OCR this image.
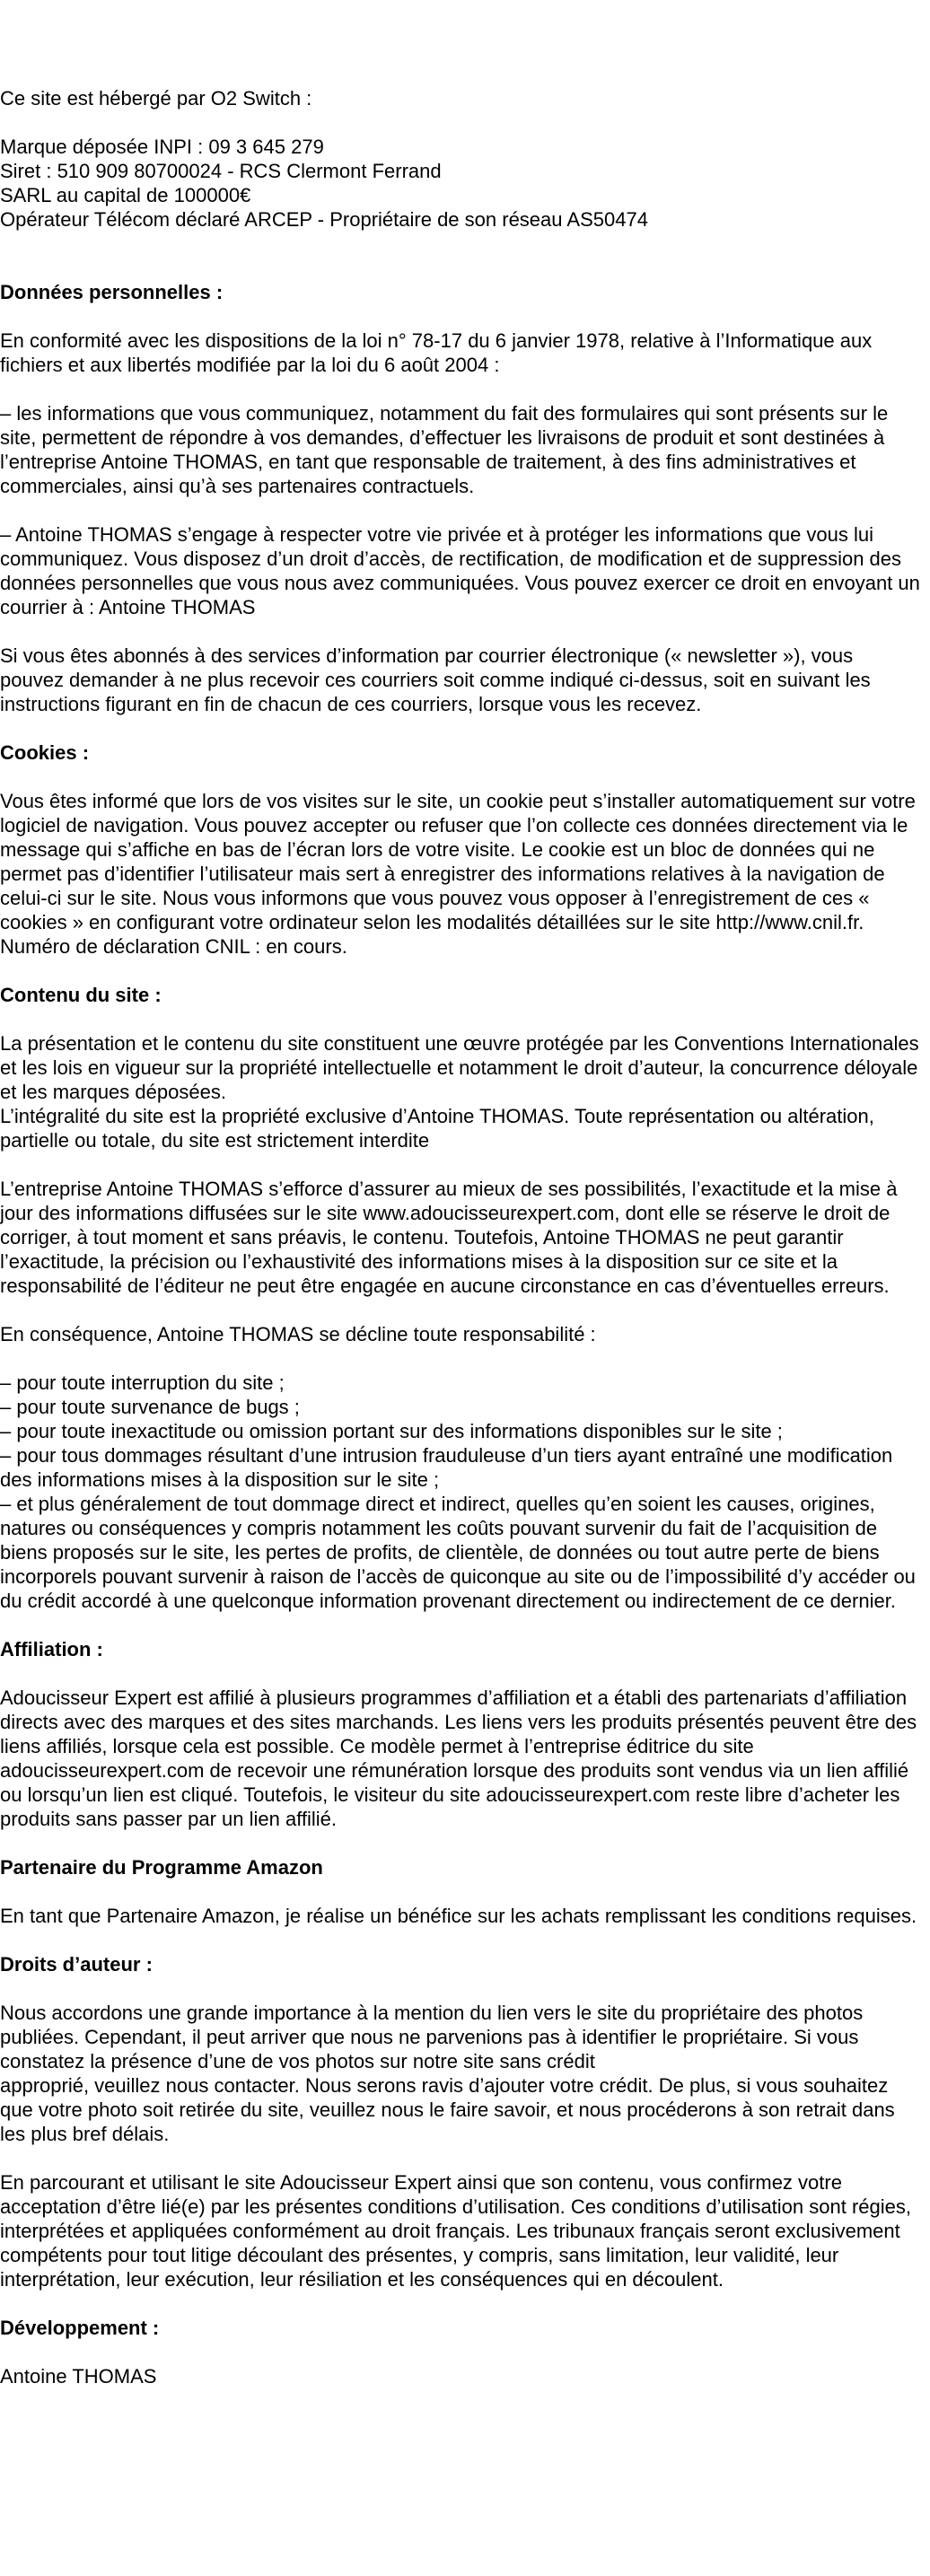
Ce site est hébergé par O2 Switch :

Marque déposée INPI : 09 3 645 279
Siret : 510 909 80700024 - RCS Clermont Ferrand
SARL au capital de 100000€
Opérateur Télécom déclaré ARCEP - Propriétaire de son réseau AS50474

Données personnelles :

En conformité avec les dispositions de la loi n° 78-17 du 6 janvier 1978, relative à l’Informatique aux fichiers et aux libertés modifiée par la loi du 6 août 2004 :

– les informations que vous communiquez, notamment du fait des formulaires qui sont présents sur le site, permettent de répondre à vos demandes, d’effectuer les livraisons de produit et sont destinées à l’entreprise Antoine THOMAS, en tant que responsable de traitement, à des fins administratives et commerciales, ainsi qu’à ses partenaires contractuels.

– Antoine THOMAS s’engage à respecter votre vie privée et à protéger les informations que vous lui communiquez. Vous disposez d’un droit d’accès, de rectification, de modification et de suppression des données personnelles que vous nous avez communiquées. Vous pouvez exercer ce droit en envoyant un courrier à : Antoine THOMAS

Si vous êtes abonnés à des services d’information par courrier électronique (« newsletter »), vous pouvez demander à ne plus recevoir ces courriers soit comme indiqué ci-dessus, soit en suivant les instructions figurant en fin de chacun de ces courriers, lorsque vous les recevez.

Cookies :

Vous êtes informé que lors de vos visites sur le site, un cookie peut s’installer automatiquement sur votre logiciel de navigation. Vous pouvez accepter ou refuser que l’on collecte ces données directement via le message qui s’affiche en bas de l’écran lors de votre visite. Le cookie est un bloc de données qui ne permet pas d’identifier l’utilisateur mais sert à enregistrer des informations relatives à la navigation de celui-ci sur le site. Nous vous informons que vous pouvez vous opposer à l’enregistrement de ces « cookies » en configurant votre ordinateur selon les modalités détaillées sur le site http://www.cnil.fr. Numéro de déclaration CNIL : en cours.

Contenu du site :

La présentation et le contenu du site constituent une œuvre protégée par les Conventions Internationales et les lois en vigueur sur la propriété intellectuelle et notamment le droit d’auteur, la concurrence déloyale et les marques déposées.
L’intégralité du site est la propriété exclusive d’Antoine THOMAS. Toute représentation ou altération, partielle ou totale, du site est strictement interdite

L’entreprise Antoine THOMAS s’efforce d’assurer au mieux de ses possibilités, l’exactitude et la mise à jour des informations diffusées sur le site www.adoucisseurexpert.com, dont elle se réserve le droit de corriger, à tout moment et sans préavis, le contenu. Toutefois, Antoine THOMAS ne peut garantir l’exactitude, la précision ou l’exhaustivité des informations mises à la disposition sur ce site et la responsabilité de l’éditeur ne peut être engagée en aucune circonstance en cas d’éventuelles erreurs.

En conséquence, Antoine THOMAS se décline toute responsabilité :

– pour toute interruption du site ;
– pour toute survenance de bugs ;
– pour toute inexactitude ou omission portant sur des informations disponibles sur le site ;
– pour tous dommages résultant d’une intrusion frauduleuse d’un tiers ayant entraîné une modification des informations mises à la disposition sur le site ;
– et plus généralement de tout dommage direct et indirect, quelles qu’en soient les causes, origines, natures ou conséquences y compris notamment les coûts pouvant survenir du fait de l’acquisition de biens proposés sur le site, les pertes de profits, de clientèle, de données ou tout autre perte de biens incorporels pouvant survenir à raison de l’accès de quiconque au site ou de l’impossibilité d’y accéder ou du crédit accordé à une quelconque information provenant directement ou indirectement de ce dernier.

Affiliation :

Adoucisseur Expert est affilié à plusieurs programmes d’affiliation et a établi des partenariats d’affiliation directs avec des marques et des sites marchands. Les liens vers les produits présentés peuvent être des liens affiliés, lorsque cela est possible. Ce modèle permet à l’entreprise éditrice du site adoucisseurexpert.com de recevoir une rémunération lorsque des produits sont vendus via un lien affilié ou lorsqu’un lien est cliqué. Toutefois, le visiteur du site adoucisseurexpert.com reste libre d’acheter les produits sans passer par un lien affilié.

Partenaire du Programme Amazon

En tant que Partenaire Amazon, je réalise un bénéfice sur les achats remplissant les conditions requises.

Droits d’auteur :

Nous accordons une grande importance à la mention du lien vers le site du propriétaire des photos publiées. Cependant, il peut arriver que nous ne parvenions pas à identifier le propriétaire. Si vous constatez la présence d’une de vos photos sur notre site sans crédit
approprié, veuillez nous contacter. Nous serons ravis d’ajouter votre crédit. De plus, si vous souhaitez que votre photo soit retirée du site, veuillez nous le faire savoir, et nous procéderons à son retrait dans les plus bref délais.

En parcourant et utilisant le site Adoucisseur Expert ainsi que son contenu, vous confirmez votre acceptation d’être lié(e) par les présentes conditions d’utilisation. Ces conditions d’utilisation sont régies, interprétées et appliquées conformément au droit français. Les tribunaux français seront exclusivement compétents pour tout litige découlant des présentes, y compris, sans limitation, leur validité, leur interprétation, leur exécution, leur résiliation et les conséquences qui en découlent.

Développement :

Antoine THOMAS
